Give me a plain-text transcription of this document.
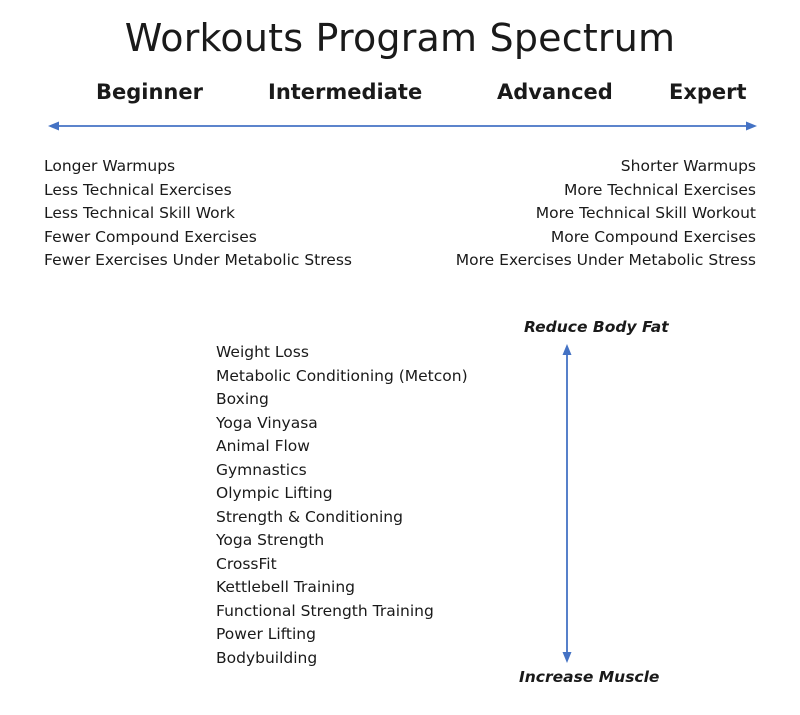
Workouts Program Spectrum
Beginner	Intermediate	Advanced	Expert
Longer Warmups
Less Technical Exercises
Less Technical Skill Work
Fewer Compound Exercises
Fewer Exercises Under Metabolic Stress
Shorter Warmups
More Technical Exercises
More Technical Skill Workout
More Compound Exercises
More Exercises Under Metabolic Stress
Reduce Body Fat
Weight Loss
Metabolic Conditioning (Metcon)
Boxing
Yoga Vinyasa
Animal Flow
Gymnastics
Olympic Lifting
Strength & Conditioning
Yoga Strength
CrossFit
Kettlebell Training
Functional Strength Training
Power Lifting
Bodybuilding
Increase Muscle
